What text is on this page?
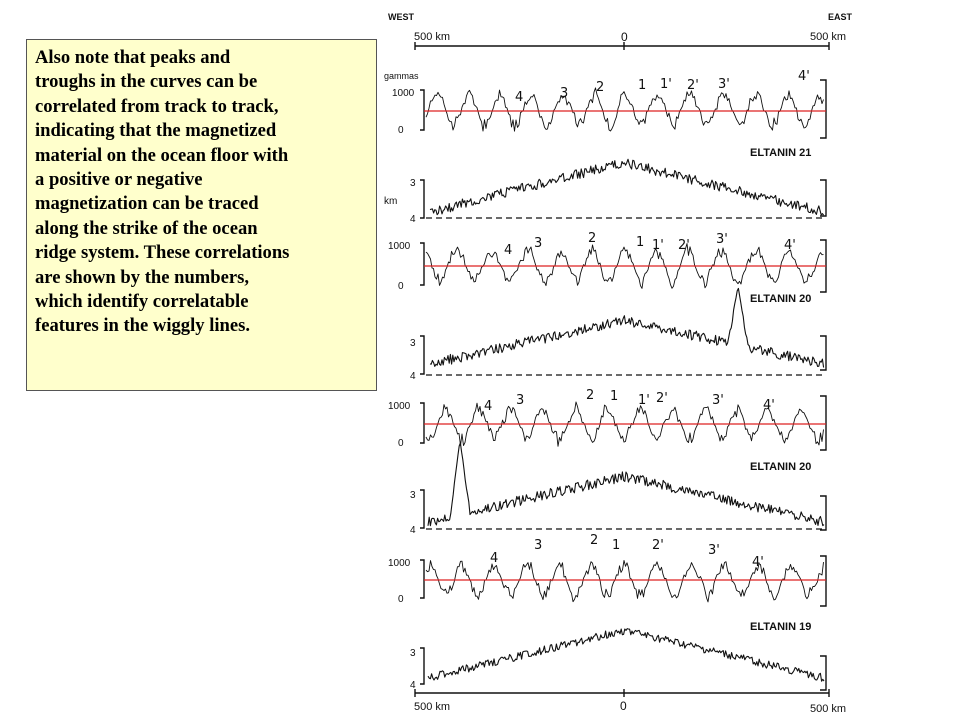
Also note that peaks and
troughs in the curves can be
correlated from track to track,
indicating that the magnetized
material on the ocean floor with
a positive or negative
magnetization can be traced
along the strike of the ocean
ridge system. These correlations
are shown by the numbers,
which identify correlatable
features in the wiggly lines.

WEST	EAST
500 km	0	500 km
gammas
1000
0
4	3 2	1 1' 2' 3'
4'
ELTANIN 21
3
km
4
1000
0
4 3	2	1 1' 2' 3'	4'
ELTANIN 20
3
4
1000
0
4 3	2 1 1' 2'	3'	4'
ELTANIN 20
3
4
1000
0
4
3	2 1 2'	3'
4'
ELTANIN 19
3
4
500 km	0	500 km
